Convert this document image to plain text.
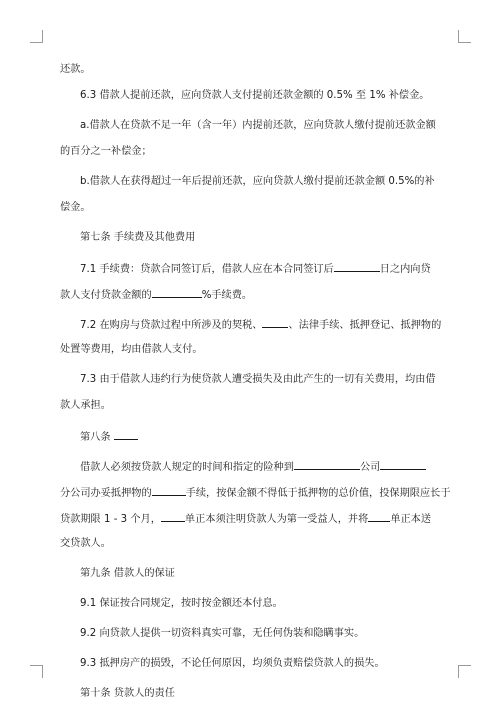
还款。
6.3 借款人提前还款，应向贷款人支付提前还款金额的 0.5% 至 1% 补偿金。
a.借款人在贷款不足一年（含一年）内提前还款，应向贷款人缴付提前还款金额
的百分之一补偿金；
b.借款人在获得超过一年后提前还款，应向贷款人缴付提前还款金额 0.5%的补
偿金。
第七条 手续费及其他费用
7.1 手续费：贷款合同签订后，借款人应在本合同签订后	日之内向贷
款人支付贷款金额的	%手续费。
7.2 在购房与贷款过程中所涉及的契税、	、法律手续、抵押登记、抵押物的
处置等费用，均由借款人支付。
7.3 由于借款人违约行为使贷款人遭受损失及由此产生的一切有关费用，均由借
款人承担。
第八条
借款人必须按贷款人规定的时间和指定的险种到	公司
分公司办妥抵押物的	手续，按保金额不得低于抵押物的总价值，投保期限应长于
贷款期限 1 - 3 个月， 单正本须注明贷款人为第一受益人，并将 单正本送
交贷款人。
第九条 借款人的保证
9.1 保证按合同规定，按时按金额还本付息。
9.2 向贷款人提供一切资料真实可靠，无任何伪装和隐瞒事实。
9.3 抵押房产的损毁，不论任何原因，均须负责赔偿贷款人的损失。
第十条 贷款人的责任
